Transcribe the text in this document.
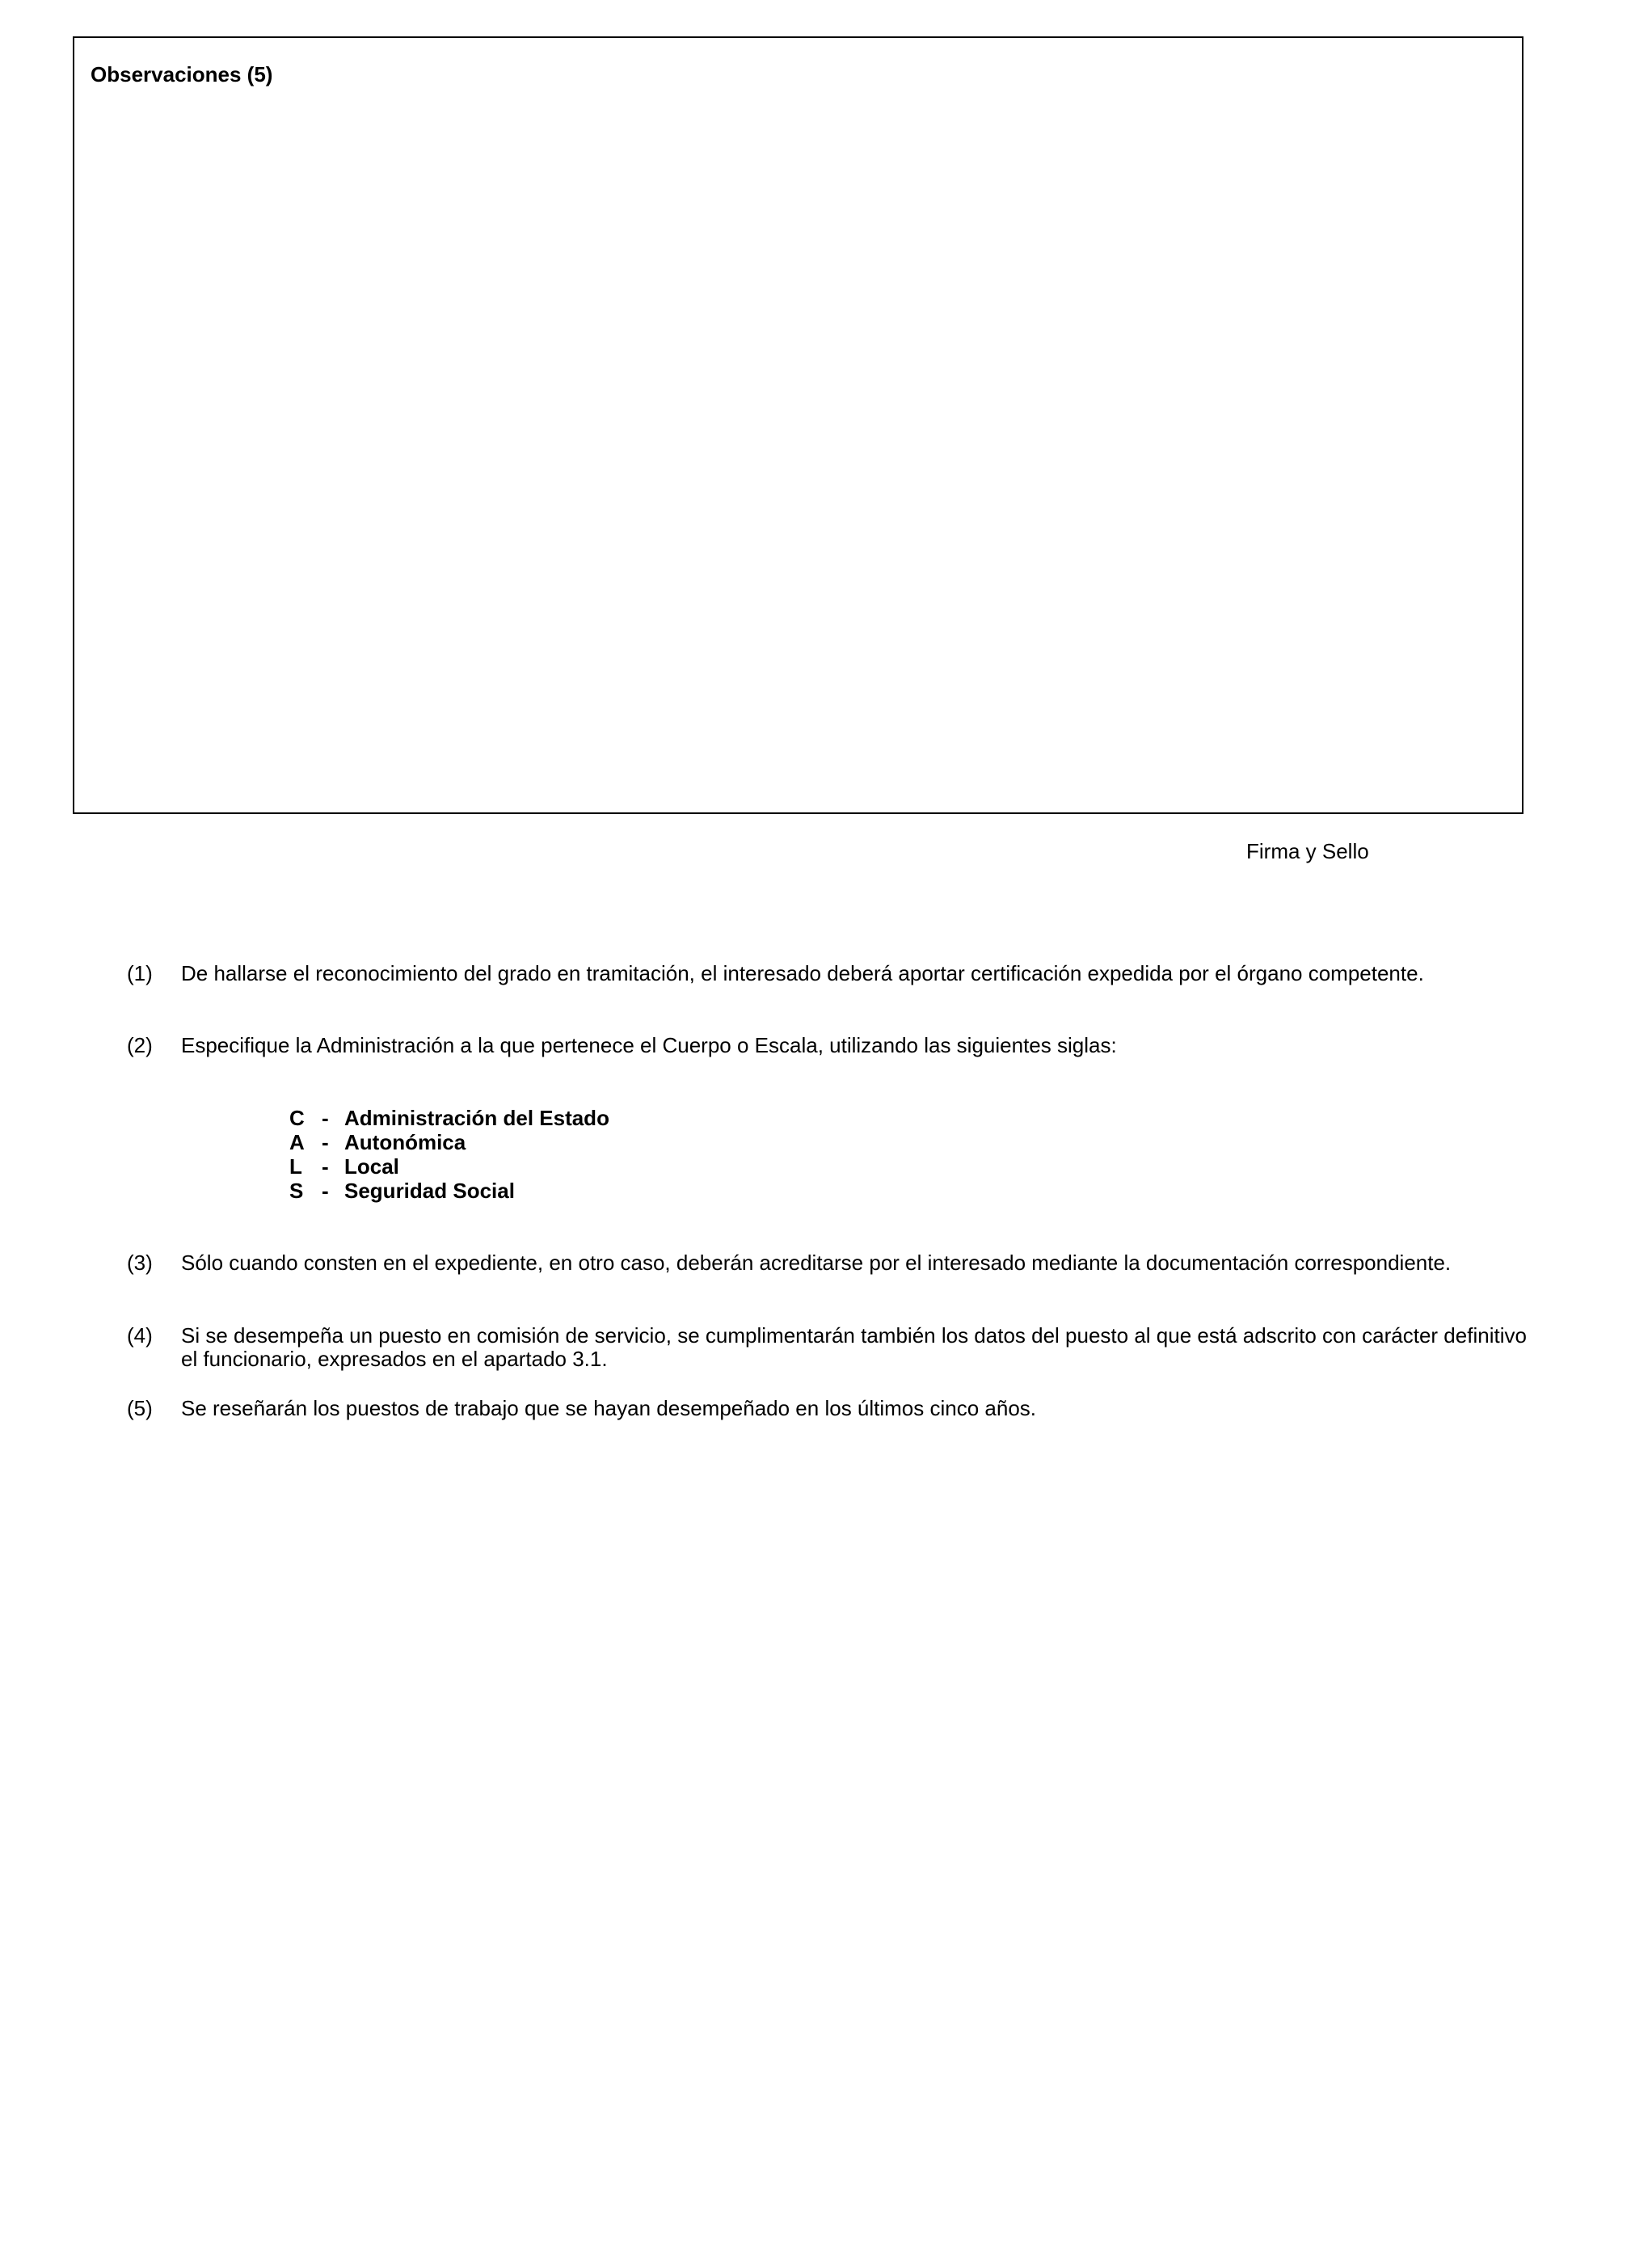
Observaciones (5)
Firma y Sello
(1)	De hallarse el reconocimiento del grado en tramitación, el interesado deberá aportar certificación expedida por el órgano competente.
(2)	Especifique la Administración a la que pertenece el Cuerpo o Escala, utilizando las siguientes siglas:
C - Administración del Estado
A - Autonómica
L - Local
S - Seguridad Social
(3)	Sólo cuando consten en el expediente, en otro caso, deberán acreditarse por el interesado mediante la documentación correspondiente.
(4)	Si se desempeña un puesto en comisión de servicio, se cumplimentarán también los datos del puesto al que está adscrito con carácter definitivo el funcionario, expresados en el apartado 3.1.
(5)	Se reseñarán los puestos de trabajo que se hayan desempeñado en los últimos cinco años.
